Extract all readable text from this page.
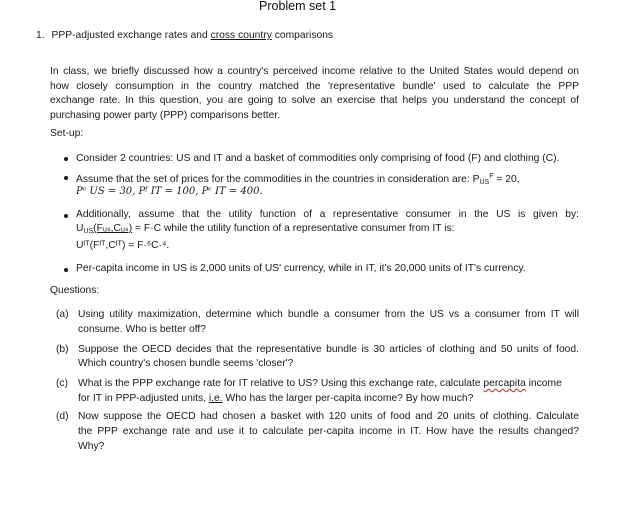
Problem set 1
1. PPP-adjusted exchange rates and cross country comparisons
In class, we briefly discussed how a country's perceived income relative to the United States would depend on
how closely consumption in the country matched the 'representative bundle' used to calculate the PPP
exchange rate. In this question, you are going to solve an exercise that helps you understand the concept of
purchasing power party (PPP) comparisons better.
Set-up:
Consider 2 countries: US and IT and a basket of commodities only comprising of food (F) and clothing (C).
Assume that the set of prices for the commodities in the countries in consideration are: $P_{US}^F = 20$,
Pᶜ US = 30, Pᶠ IT = 100, Pᶜ IT = 400.
Additionally, assume that the utility function of a representative consumer in the US is given by:
$U_{US}(Fᵤ_s,Cᵤ_s) = F\cdot C$ while the utility function of a representative consumer from IT is:
Uᴵᵀ(Fᴵᵀ,Cᴵᵀ) = F·⁶C·⁴.
Per-capita income in US is 2,000 units of US' currency, while in IT, it's 20,000 units of IT's currency.
Questions:
(a) Using utility maximization, determine which bundle a consumer from the US vs a consumer from IT will
consume. Who is better off?
(b) Suppose the OECD decides that the representative bundle is 30 articles of clothing and 50 units of food.
Which country's chosen bundle seems 'closer'?
(c) What is the PPP exchange rate for IT relative to US? Using this exchange rate, calculate percapita income
for IT in PPP-adjusted units, i.e. Who has the larger per-capita income? By how much?
(d) Now suppose the OECD had chosen a basket with 120 units of food and 20 units of clothing. Calculate
the PPP exchange rate and use it to calculate per-capita income in IT. How have the results changed?
Why?
